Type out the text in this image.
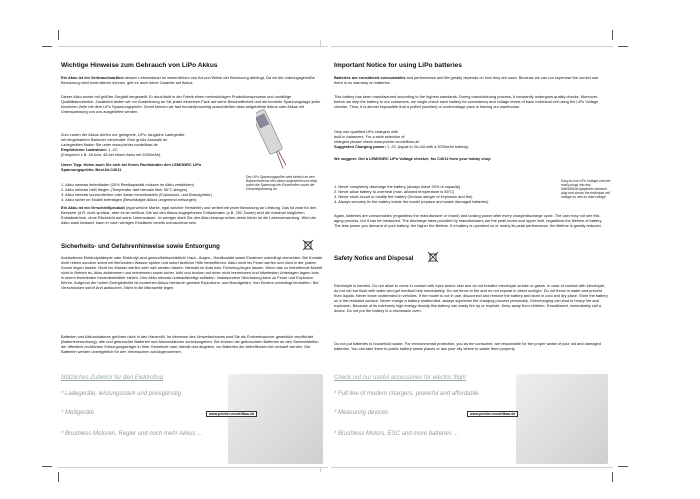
Wichtige Hinweise zum Gebrauch von LiPo Akkus
Ein Akku ist ein Verbrauchsartikel dessen Lebensdauer im wesentlichen von Art und Weise der Benutzung abhängt. Da wir die ordnungsgemäße Benutzung nicht kontrollieren können, gibt es auch keine Garantie auf Akkus.
Dieser Akku wurde mit größter Sorgfalt hergestellt. Er durchläuft in der Fabrik einen mehrwöchigen Produktionsprozess und unzählige Qualitätskontrollen. Zusätzlich testen wir vor Auslieferung an Sie jeden einzelnen Pack auf seine Beschaffenheit und die korrekte Spannungslage jeder einzelnen Zelle mit dem LiPo Spannungsprüfer. Somit können wir fast hundertprozentig ausschließen dass aufgeblähte Akkus oder Akkus mit Unterspannung von uns ausgeliefert werden.
Zum Laden der Akkus dürfen nur geeignete, LiPo- taugliche Ladegeräte
mit eingebautem Balancer verwendet. Eine große Auswahl an
Ladegeräten finden Sie unter www.pichler-modellbau.de
Empfohlener Ladestrom: 1 -2C
(Entspricht z.B. 2A bzw. 4A bei einem Akku mit 2000mAh).
Unser Tipp: Holen auch Sie sich bei Ihrem Fachhändler den LEMONRC LiPo Spannungsprüfer, Best.Nr.C4011
1. Akku niemals tiefentladen (20% Restkapazität müssen im Akku verbleiben)
2. Akku niemals heiß fliegen (Temperatur darf niemals über 55°C steigen)
3. Akku niemals kurzschließen oder daran herumbasteln (Explosions- und Brandgefahr)
4. Akku sicher im Modell befestigen (Beschädigte Akkus umgehend entsorgen)
Der LiPo Spannungsprüfer wird einfach an den Balancerstecker des Akkus angesteckt und zeigt sofort die Spannung der Einzelzellen sowie die Gesamtspannung an.
Ein Akku ist ein Verschleißprodukt (egal welche Marke, egal welcher Hersteller) und verliert mit jeder Benutzung an Leistung. Das ist zwar für den Benutzer (d.R. nicht spürbar, aber es ist meßbar. Die auf den Akkus angegebenen Entladeraten (z.B. 25C Dauer) sind die maximal möglichen Entladeströme, ohne Rücksicht auf seine Lebensdauer. Je weniger stark Sie den Akku beanspruchen desto höher ist die Lebenserwartung. Wird der Akku stark belastet, kann er nach wenigen Einsätzen bereits unbrauchbar sein.
Sicherheits- und Gefahrenhinweise sowie Entsorgung
Auslaufende Elektrolytdämpfe oder Elektrolyt sind gesundheitsschädlich! Haut-, Augen-, Hautkontakt sowie Einatmen unbedingt vermeiden. Bei Kontakt nicht reiben sondern sofort mit fließendem Wasser spülen und sofort ärztliche Hilfe herbeiführen. Akku nicht ins Feuer werfen und nicht in der prallen Sonne liegen lassen. Nicht ins Wasser werfen oder naß werden lassen. Niemals im Auto bzw. Fahrzeug liegen lassen. Wenn das zu betreibende Modell nicht in Betrieb ist, Akku abklemmen und entnehmen sowie sicher, kühl und trocken auf einer nicht brennbaren und hitzefesten Unterlagen lagern bzw. in einem feuerfesten Keramikbehälter stellen. Den Akku niemals unbeaufsichtigt aufladen. Insbesondere Überladung kann zu Feuer und Explosion führen. Aufgrund der hohen Energiedichte ist modernen Akkus hierdurch gewisst Explosions- und Brandgefahr. Von Kindern unbedingt fernhalten. Bei Verschlucken sofort Arzt aufsuchen. Nicht in die Mikrowelle legen.
Batterien und Akkumulatoren gehören nicht in den Hausmüll. Im Interesse des Umweltschutzes sind Sie als Endverbraucher gesetzlich verpflichtet (Batterieverordnung), alte und gebrauchte Batterien und Akkumulatoren zurückzugeben. Sie können die gebrauchten Batterien an den Sammelstellen der öffentlich-rechtlichen Entsorgungsträger in Ihrer Gemeinde oder überall dort abgeben, wo Batterien der betreffenden Art verkauft werden. Die Batterien werden unentgeltlich für den Verbraucher zurückgenommen.
Nützliches Zubehör für den Elektroflug
* Ladegeräte, leistungsstark und preisgünstig
* Meßgeräte	www.pichler-modellbau.de
* Brushless Motoren, Regler und noch mehr Akkus ...
Important Notice for using LiPo batteries
Batteries are considered consumables and performance and life greatly depends on how they are used. Because we can not supervise the correct use there is no warranty on batteries.
This battery has been manufactured according to the highest standards. During manufacturing process, it constantly undergoes quality checks. Moreover, before we ship the battery to our customers, we single-check each battery for consistency and voltage levels of each individual cell using the LiPo Voltage checker. Thus, it is almost impossible that a puffed (swollen) or undervoltage pack is leaving our warehouse.
Only use qualified LiPo chargers with
built-in balancers. For a wide selection of
chargers please check www.pichler-modellbau.de
Suggested Charging power: 1 -2C (equal to 2A /4A with a 2000mAh battery).
We suggest: Get a LEMONRC LiPo Voltage checker, No C4011 from your hobby shop
1. Never completely discharge the battery (always leave 20% of capacity)
2. Never allow battery to overheat (max. allowed temperature is 55°C)
3. Never short-circuit or modify the battery (Serious danger of explosion and fire)
4. Always securely fix the battery inside the model (replace and waste damaged batteries)
Easy-to-use LiPo Voltage checker easily plugs into any WANDIAN/Lightpower balancer plug and shows the individual cell voltage as well as total voltage
Again, batteries are consumables (regardless the manufacturer or brand) and loosing power after every charge/discharge cycle. The user may not see this aging process, but it can be measured. The discharge rates provided by manufacturers are the peak levels and upper limit, regardless the lifetime of battery. The less power you demand of your battery, the higher the lifetime. If a battery is operated on or nearly its peak performance, the lifetime is greatly reduced.
Safety Notice and Disposal
Electrolyte is harmful. Do not allow to come in contact with eyes and/or skin and do not breathe electrolyte smoke or gases. In case of contact with electrolyte, do not rub but flush with water and get medical help immediately. Do not throw in fire and do not expose in direct sunlight. Do not throw in water and prevent from liquids. Never leave unattended in vehicles. If the model is not in use, disconnect and remove the battery and store in cool and dry place. Store the battery on a fire-resistant surface. Never charge a battery unattended, always supervise the charging process personally. Overcharging can lead to heavy fire and explosion. Because of its extremely high energy density this battery can easily fire up or explode. Keep away from children. If swallowed, immediately call a doctor. Do not put the battery in a microwave oven.
Do not put batteries to household waste. For environmental protection, you as the consumer, are responsible for the proper waste of your old and damaged batteries. You can take them to public battery waste places or ask your city where to waste them properly.
Check out our useful accessories for electric flight
* Full line of modern chargers, powerful and affordable
* Measuring devices	www.pichler-modellbau.de
* Brushless Motors, ESC and more batteries ...
